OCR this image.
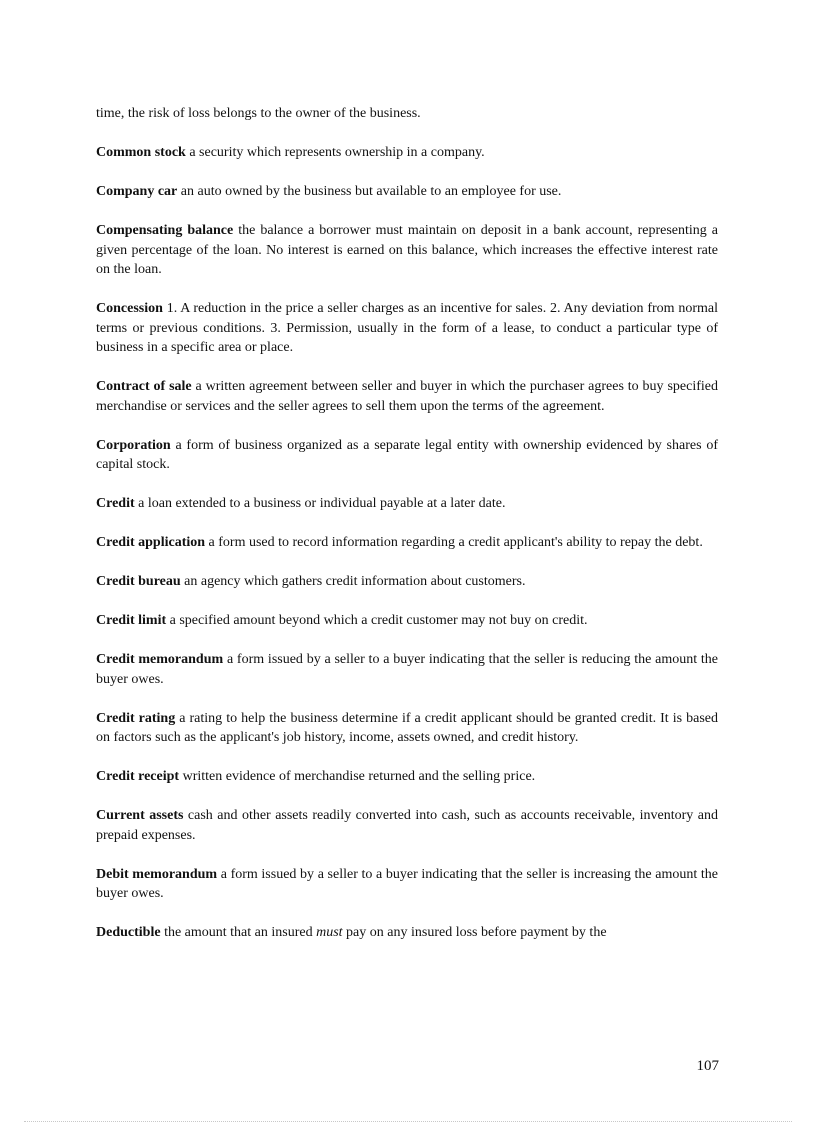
time, the risk of loss belongs to the owner of the business.

Common stock a security which represents ownership in a company.

Company car an auto owned by the business but available to an employee for use.

Compensating balance the balance a borrower must maintain on deposit in a bank account, representing a given percentage of the loan. No interest is earned on this balance, which increases the effective interest rate on the loan.

Concession 1. A reduction in the price a seller charges as an incentive for sales. 2. Any deviation from normal terms or previous conditions. 3. Permission, usually in the form of a lease, to conduct a particular type of business in a specific area or place.

Contract of sale a written agreement between seller and buyer in which the purchaser agrees to buy specified merchandise or services and the seller agrees to sell them upon the terms of the agreement.

Corporation a form of business organized as a separate legal entity with ownership evidenced by shares of capital stock.

Credit a loan extended to a business or individual payable at a later date.

Credit application a form used to record information regarding a credit applicant's ability to repay the debt.

Credit bureau an agency which gathers credit information about customers.

Credit limit a specified amount beyond which a credit customer may not buy on credit.

Credit memorandum a form issued by a seller to a buyer indicating that the seller is reducing the amount the buyer owes.

Credit rating a rating to help the business determine if a credit applicant should be granted credit. It is based on factors such as the applicant's job history, income, assets owned, and credit history.

Credit receipt written evidence of merchandise returned and the selling price.

Current assets cash and other assets readily converted into cash, such as accounts receivable, inventory and prepaid expenses.

Debit memorandum a form issued by a seller to a buyer indicating that the seller is increasing the amount the buyer owes.

Deductible the amount that an insured must pay on any insured loss before payment by the

107
